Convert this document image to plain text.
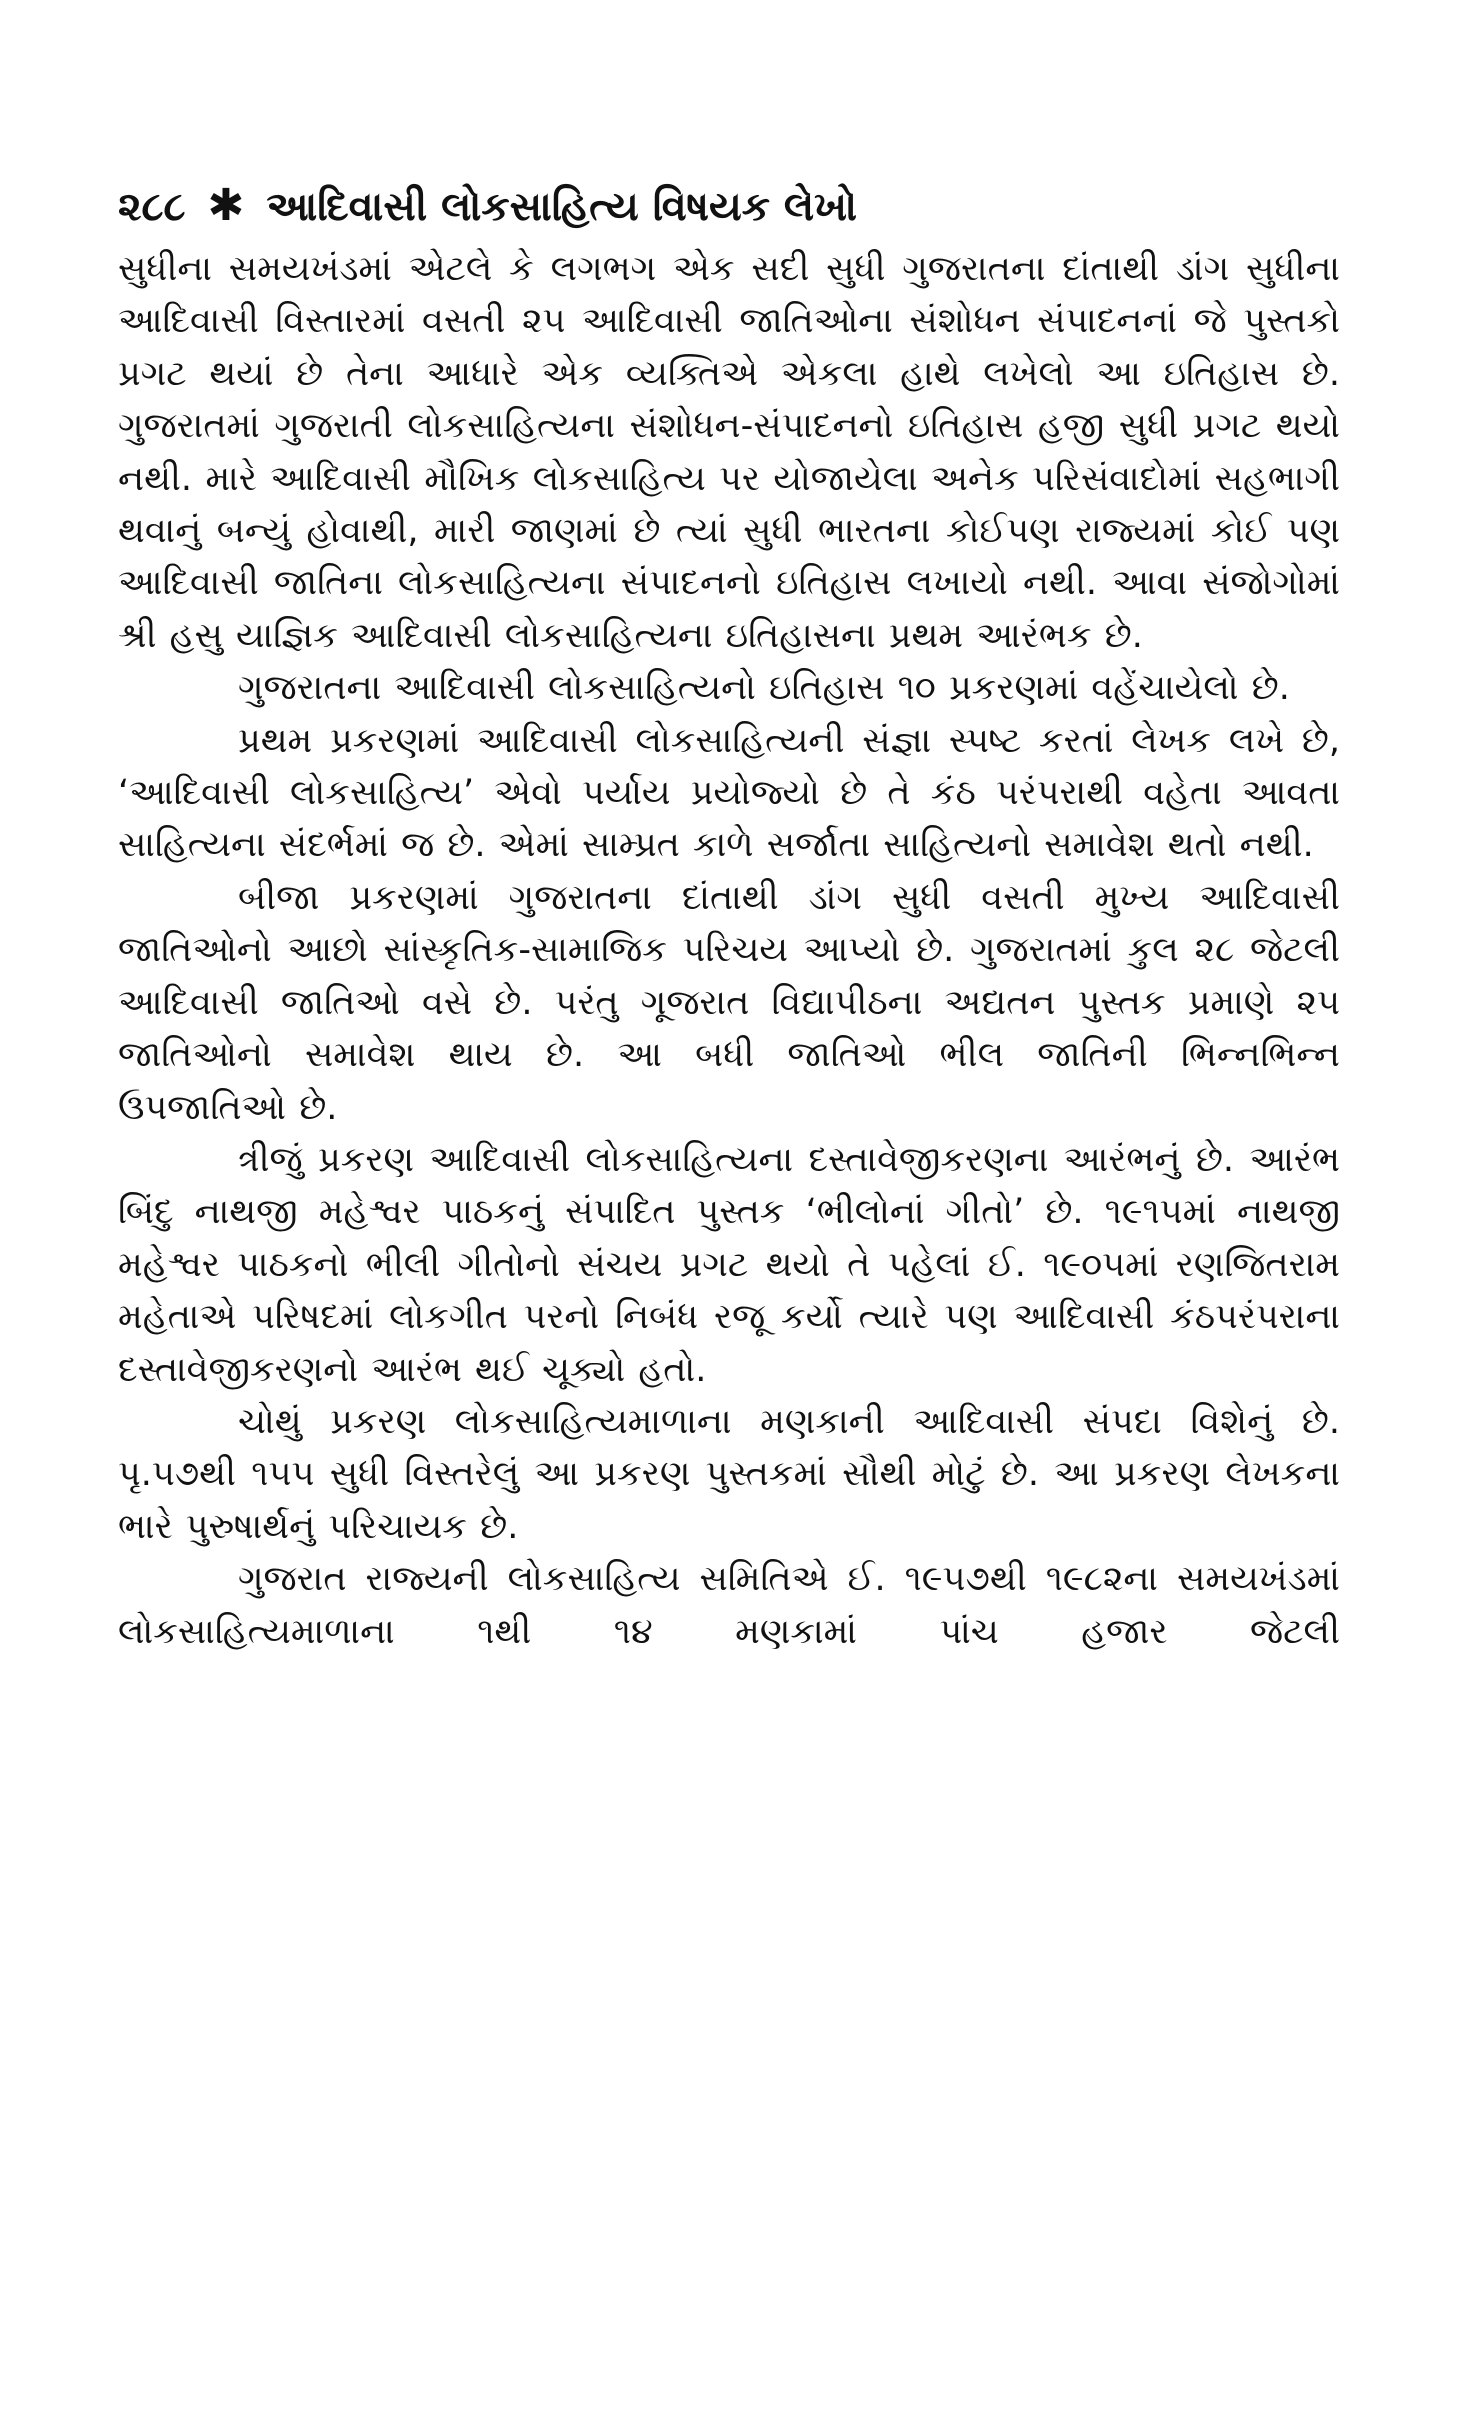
૨૮૮ ✱ આદિવાસી લોકસાહિત્ય વિષયક લેખો

સુધીના સમયખંડમાં એટલે કે લગભગ એક સદી સુધી ગુજરાતના દાંતાથી ડાંગ સુધીના આદિવાસી વિસ્તારમાં વસતી ૨૫ આદિવાસી જાતિઓના સંશોધન સંપાદનનાં જે પુસ્તકો પ્રગટ થયાં છે તેના આધારે એક વ્યક્તિએ એકલા હાથે લખેલો આ ઇતિહાસ છે. ગુજરાતમાં ગુજરાતી લોકસાહિત્યના સંશોધન-સંપાદનનો ઇતિહાસ હજી સુધી પ્રગટ થયો નથી. મારે આદિવાસી મૌખિક લોકસાહિત્ય પર યોજાયેલા અનેક પરિસંવાદોમાં સહભાગી થવાનું બન્યું હોવાથી, મારી જાણમાં છે ત્યાં સુધી ભારતના કોઈપણ રાજ્યમાં કોઈ પણ આદિવાસી જાતિના લોકસાહિત્યના સંપાદનનો ઇતિહાસ લખાયો નથી. આવા સંજોગોમાં શ્રી હસુ યાજ્ઞિક આદિવાસી લોકસાહિત્યના ઇતિહાસના પ્રથમ આરંભક છે.

ગુજરાતના આદિવાસી લોકસાહિત્યનો ઇતિહાસ ૧૦ પ્રકરણમાં વહેંચાયેલો છે.

પ્રથમ પ્રકરણમાં આદિવાસી લોકસાહિત્યની સંજ્ઞા સ્પષ્ટ કરતાં લેખક લખે છે, ‘આદિવાસી લોકસાહિત્ય’ એવો પર્યાય પ્રયોજ્યો છે તે કંઠ પરંપરાથી વહેતા આવતા સાહિત્યના સંદર્ભમાં જ છે. એમાં સામ્પ્રત કાળે સર્જાતા સાહિત્યનો સમાવેશ થતો નથી.

બીજા પ્રકરણમાં ગુજરાતના દાંતાથી ડાંગ સુધી વસતી મુખ્ય આદિવાસી જાતિઓનો આછો સાંસ્કૃતિક-સામાજિક પરિચય આપ્યો છે. ગુજરાતમાં કુલ ૨૮ જેટલી આદિવાસી જાતિઓ વસે છે. પરંતુ ગૂજરાત વિદ્યાપીઠના અદ્યતન પુસ્તક પ્રમાણે ૨૫ જાતિઓનો સમાવેશ થાય છે. આ બધી જાતિઓ ભીલ જાતિની ભિન્નભિન્ન ઉપજાતિઓ છે.

ત્રીજું પ્રકરણ આદિવાસી લોકસાહિત્યના દસ્તાવેજીકરણના આરંભનું છે. આરંભ બિંદુ નાથજી મહેશ્વર પાઠકનું સંપાદિત પુસ્તક ‘ભીલોનાં ગીતો’ છે. ૧૯૧૫માં નાથજી મહેશ્વર પાઠકનો ભીલી ગીતોનો સંચય પ્રગટ થયો તે પહેલાં ઈ. ૧૯૦૫માં રણજિતરામ મહેતાએ પરિષદમાં લોકગીત પરનો નિબંધ રજૂ કર્યો ત્યારે પણ આદિવાસી કંઠપરંપરાના દસ્તાવેજીકરણનો આરંભ થઈ ચૂક્યો હતો.

ચોથું પ્રકરણ લોકસાહિત્યમાળાના મણકાની આદિવાસી સંપદા વિશેનું છે. પૃ.૫૭થી ૧૫૫ સુધી વિસ્તરેલું આ પ્રકરણ પુસ્તકમાં સૌથી મોટું છે. આ પ્રકરણ લેખકના ભારે પુરુષાર્થનું પરિચાયક છે.

ગુજરાત રાજ્યની લોકસાહિત્ય સમિતિએ ઈ. ૧૯૫૭થી ૧૯૮૨ના સમયખંડમાં લોકસાહિત્યમાળાના ૧થી ૧૪ મણકામાં પાંચ હજાર જેટલી
